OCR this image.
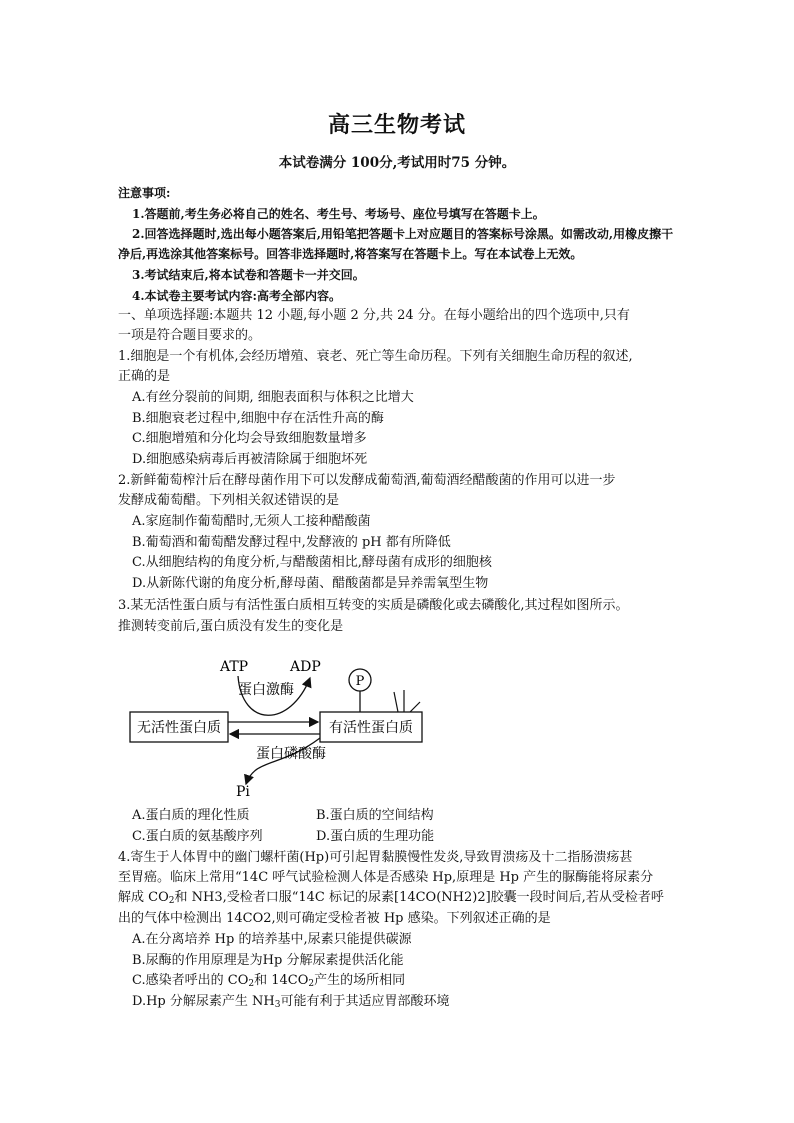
高三生物考试
本试卷满分 100分,考试用时75 分钟。
注意事项:
1.答题前,考生务必将自己的姓名、考生号、考场号、座位号填写在答题卡上。
2.回答选择题时,选出每小题答案后,用铅笔把答题卡上对应题目的答案标号涂黑。如需改动,用橡皮擦干
净后,再选涂其他答案标号。回答非选择题时,将答案写在答题卡上。写在本试卷上无效。
3.考试结束后,将本试卷和答题卡一并交回。
4.本试卷主要考试内容:高考全部内容。
一、单项选择题:本题共 12 小题,每小题 2 分,共 24 分。在每小题给出的四个选项中,只有
一项是符合题目要求的。
1.细胞是一个有机体,会经历增殖、衰老、死亡等生命历程。下列有关细胞生命历程的叙述,
正确的是
A.有丝分裂前的间期, 细胞表面积与体积之比增大
B.细胞衰老过程中,细胞中存在活性升高的酶
C.细胞增殖和分化均会导致细胞数量增多
D.细胞感染病毒后再被清除属于细胞坏死
2.新鲜葡萄榨汁后在酵母菌作用下可以发酵成葡萄酒,葡萄酒经醋酸菌的作用可以进一步
发酵成葡萄醋。下列相关叙述错误的是
A.家庭制作葡萄醋时,无须人工接种醋酸菌
B.葡萄酒和葡萄醋发酵过程中,发酵液的 pH 都有所降低
C.从细胞结构的角度分析,与醋酸菌相比,酵母菌有成形的细胞核
D.从新陈代谢的角度分析,酵母菌、醋酸菌都是异养需氧型生物
3.某无活性蛋白质与有活性蛋白质相互转变的实质是磷酸化或去磷酸化,其过程如图所示。
推测转变前后,蛋白质没有发生的变化是
ATP	ADP
蛋白激酶
无活性蛋白质	有活性蛋白质
P
蛋白磷酸酶
Pi
A.蛋白质的理化性质	B.蛋白质的空间结构
C.蛋白质的氨基酸序列	D.蛋白质的生理功能
4.寄生于人体胃中的幽门螺杆菌(Hp)可引起胃黏膜慢性发炎,导致胃溃疡及十二指肠溃疡甚
至胃癌。临床上常用“14C 呼气试验检测人体是否感染 Hp,原理是 Hp 产生的脲酶能将尿素分
解成 $CO_2$和 NH3,受检者口服“14C 标记的尿素[14CO(NH2)2]胶囊一段时间后,若从受检者呼
出的气体中检测出 14CO2,则可确定受检者被 Hp 感染。下列叙述正确的是
A.在分离培养 Hp 的培养基中,尿素只能提供碳源
B.尿酶的作用原理是为Hp 分解尿素提供活化能
C.感染者呼出的 $CO_2$和 $14CO_2$产生的场所相同
D.Hp 分解尿素产生 $NH_3$可能有利于其适应胃部酸环境
